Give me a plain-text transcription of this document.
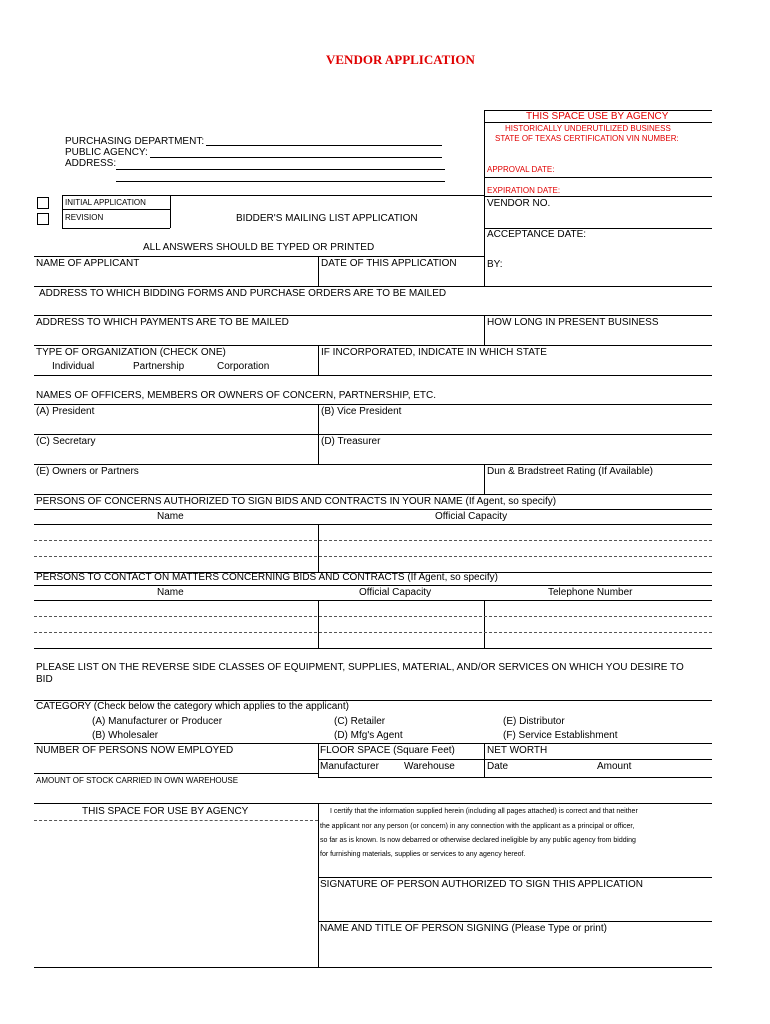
VENDOR APPLICATION
THIS SPACE USE BY AGENCY
HISTORICALLY UNDERUTILIZED BUSINESS
STATE OF TEXAS CERTIFICATION VIN NUMBER:
APPROVAL DATE:
EXPIRATION DATE:
VENDOR NO.
ACCEPTANCE DATE:
BY:
PURCHASING DEPARTMENT:
PUBLIC AGENCY:
ADDRESS:
INITIAL APPLICATION
REVISION	BIDDER'S MAILING LIST APPLICATION
ALL ANSWERS SHOULD BE TYPED OR PRINTED
NAME OF APPLICANT	DATE OF THIS APPLICATION
ADDRESS TO WHICH BIDDING FORMS AND PURCHASE ORDERS ARE TO BE MAILED
ADDRESS TO WHICH PAYMENTS ARE TO BE MAILED	HOW LONG IN PRESENT BUSINESS
TYPE OF ORGANIZATION (CHECK ONE)
Individual	Partnership	Corporation
IF INCORPORATED, INDICATE IN WHICH STATE
NAMES OF OFFICERS, MEMBERS OR OWNERS OF CONCERN, PARTNERSHIP, ETC.
(A) President	(B) Vice President
(C) Secretary	(D) Treasurer
(E) Owners or Partners	Dun & Bradstreet Rating (If Available)
PERSONS OF CONCERNS AUTHORIZED TO SIGN BIDS AND CONTRACTS IN YOUR NAME (If Agent, so specify)
Name	Official Capacity
PERSONS TO CONTACT ON MATTERS CONCERNING BIDS AND CONTRACTS (If Agent, so specify)
Name	Official Capacity	Telephone Number
PLEASE LIST ON THE REVERSE SIDE CLASSES OF EQUIPMENT, SUPPLIES, MATERIAL, AND/OR SERVICES ON WHICH YOU DESIRE TO
BID
CATEGORY (Check below the category which applies to the applicant)
(A) Manufacturer or Producer
(B) Wholesaler
(C) Retailer
(D) Mfg's Agent
(E) Distributor
(F) Service Establishment
NUMBER OF PERSONS NOW EMPLOYED	FLOOR SPACE (Square Feet)	NET WORTH
Manufacturer	Warehouse	Date	Amount
AMOUNT OF STOCK CARRIED IN OWN WAREHOUSE
THIS SPACE FOR USE BY AGENCY	I certify that the information supplied herein (including all pages attached) is correct and that neither
the applicant nor any person (or concern) in any connection with the applicant as a principal or officer,
so far as is known. Is now debarred or otherwise declared ineligible by any public agency from bidding
for furnishing materials, supplies or services to any agency hereof.
SIGNATURE OF PERSON AUTHORIZED TO SIGN THIS APPLICATION
NAME AND TITLE OF PERSON SIGNING (Please Type or print)
